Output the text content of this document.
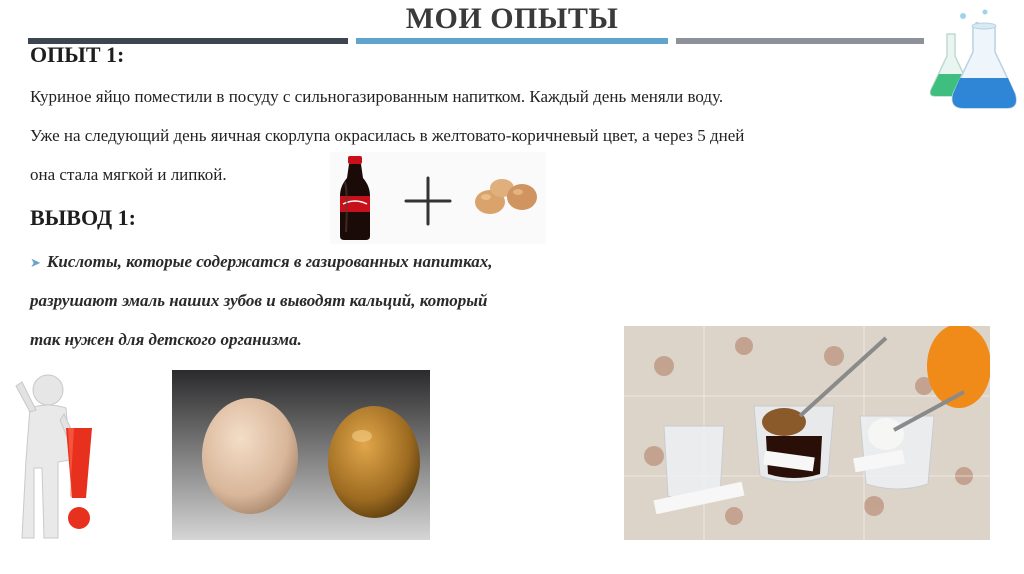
МОИ ОПЫТЫ
ОПЫТ 1:
Куриное яйцо поместили в посуду с сильногазированным напитком. Каждый день меняли воду.
Уже на следующий день яичная скорлупа окрасилась в желтовато-коричневый цвет, а через 5 дней
она стала мягкой и липкой.
ВЫВОД 1:
➤ Кислоты, которые содержатся в газированных напитках,
разрушают эмаль наших зубов и выводят кальций, который
так нужен для детского организма.
